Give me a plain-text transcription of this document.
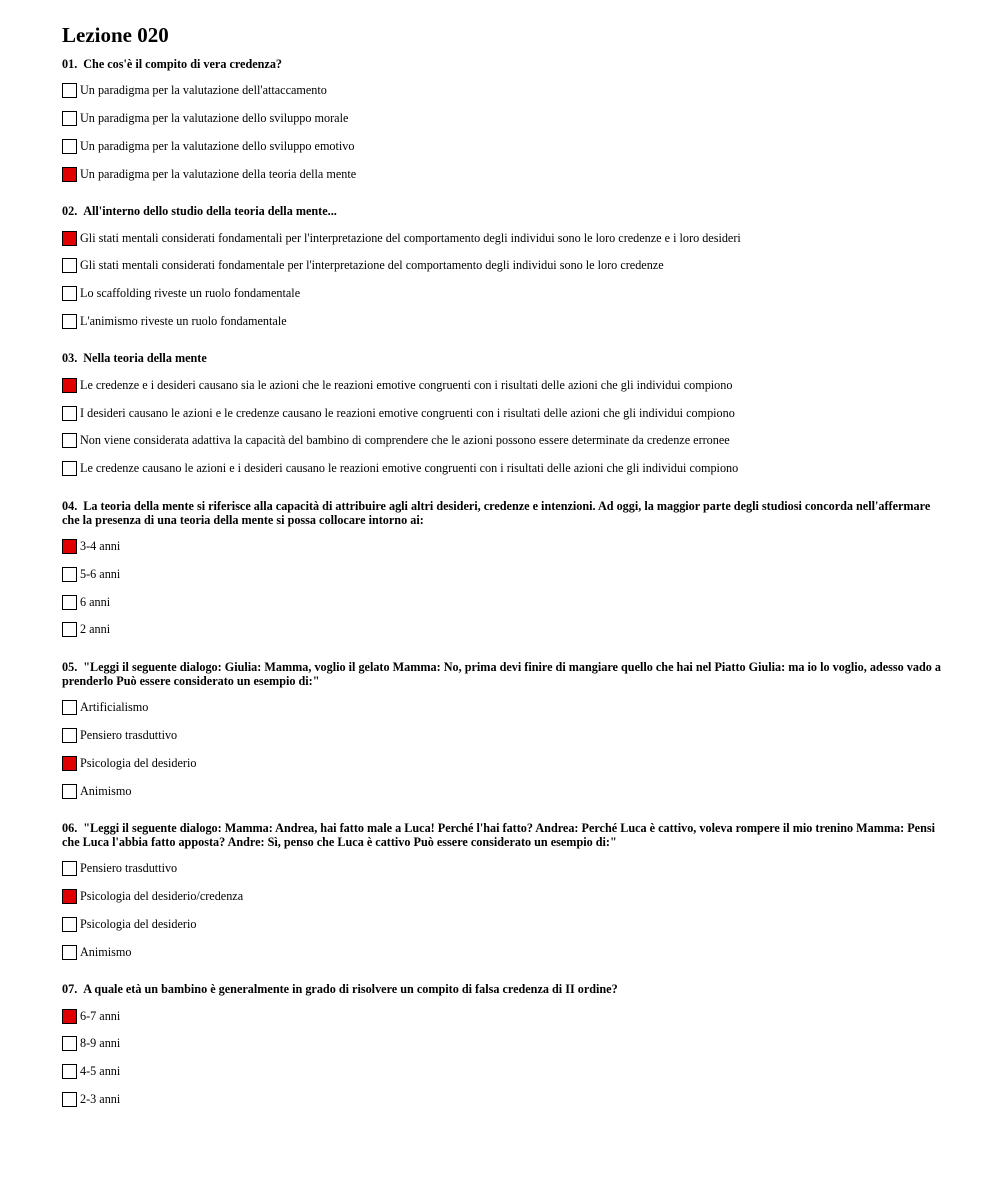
Lezione 020
01. Che cos'è il compito di vera credenza?
Un paradigma per la valutazione dell'attaccamento
Un paradigma per la valutazione dello sviluppo morale
Un paradigma per la valutazione dello sviluppo emotivo
Un paradigma per la valutazione della teoria della mente
02. All'interno dello studio della teoria della mente...
Gli stati mentali considerati fondamentali per l'interpretazione del comportamento degli individui sono le loro credenze e i loro desideri
Gli stati mentali considerati fondamentale per l'interpretazione del comportamento degli individui sono le loro credenze
Lo scaffolding riveste un ruolo fondamentale
L'animismo riveste un ruolo fondamentale
03. Nella teoria della mente
Le credenze e i desideri causano sia le azioni che le reazioni emotive congruenti con i risultati delle azioni che gli individui compiono
I desideri causano le azioni e le credenze causano le reazioni emotive congruenti con i risultati delle azioni che gli individui compiono
Non viene considerata adattiva la capacità del bambino di comprendere che le azioni possono essere determinate da credenze erronee
Le credenze causano le azioni e i desideri causano le reazioni emotive congruenti con i risultati delle azioni che gli individui compiono
04. La teoria della mente si riferisce alla capacità di attribuire agli altri desideri, credenze e intenzioni. Ad oggi, la maggior parte degli studiosi concorda nell'affermare che la presenza di una teoria della mente si possa collocare intorno ai:
3-4 anni
5-6 anni
6 anni
2 anni
05. "Leggi il seguente dialogo: Giulia: Mamma, voglio il gelato Mamma: No, prima devi finire di mangiare quello che hai nel Piatto Giulia: ma io lo voglio, adesso vado a prenderlo Può essere considerato un esempio di:"
Artificialismo
Pensiero trasduttivo
Psicologia del desiderio
Animismo
06. "Leggi il seguente dialogo: Mamma: Andrea, hai fatto male a Luca! Perché l'hai fatto? Andrea: Perché Luca è cattivo, voleva rompere il mio trenino Mamma: Pensi che Luca l'abbia fatto apposta? Andre: Sì, penso che Luca è cattivo Può essere considerato un esempio di:"
Pensiero trasduttivo
Psicologia del desiderio/credenza
Psicologia del desiderio
Animismo
07. A quale età un bambino è generalmente in grado di risolvere un compito di falsa credenza di II ordine?
6-7 anni
8-9 anni
4-5 anni
2-3 anni
